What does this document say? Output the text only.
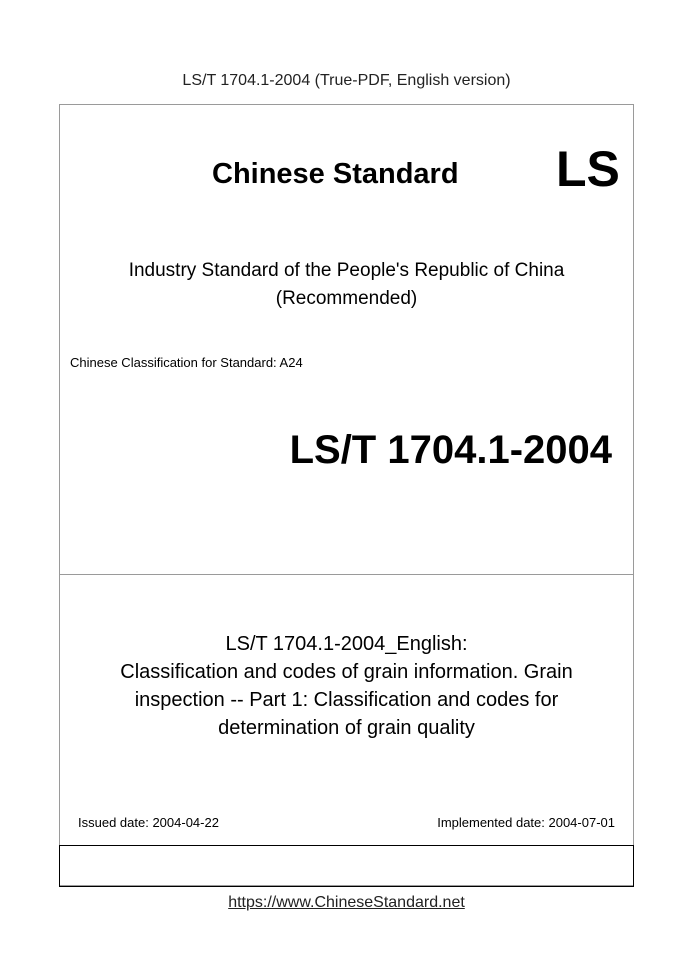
LS/T 1704.1-2004 (True-PDF, English version)
Chinese Standard LS
Industry Standard of the People's Republic of China
(Recommended)
Chinese Classification for Standard: A24
LS/T 1704.1-2004
LS/T 1704.1-2004_English:
Classification and codes of grain information. Grain
inspection -- Part 1: Classification and codes for
determination of grain quality
Issued date: 2004-04-22	Implemented date: 2004-07-01
https://www.ChineseStandard.net
